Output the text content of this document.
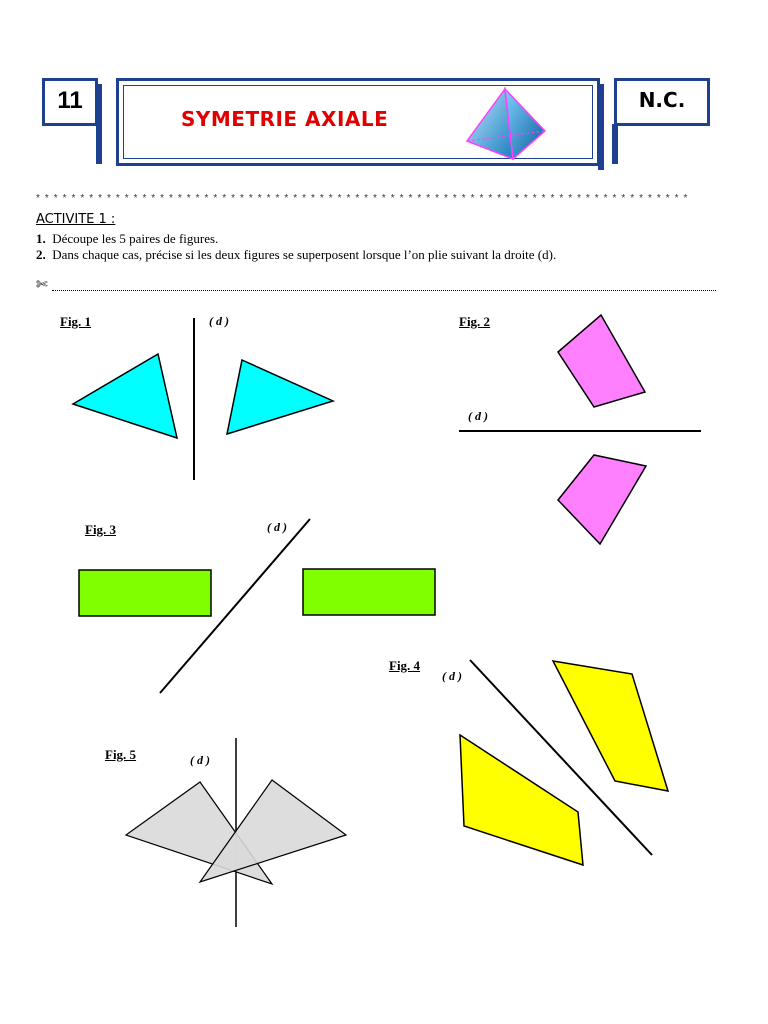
11
SYMETRIE AXIALE
N.C.
* * * * * * * * * * * * * * * * * * * * * * * * * * * * * * * * * * * * * * * * * * * * * * * * * * * * * * * * * * * * * * * * * * * * * * * * * *
ACTIVITE 1 :
1. Découpe les 5 paires de figures.
2. Dans chaque cas, précise si les deux figures se superposent lorsque l’on plie suivant la droite (d).
✄
Fig. 1	( d )	Fig. 2
( d )
Fig. 3	( d )
Fig. 4
( d )
Fig. 5	( d )
